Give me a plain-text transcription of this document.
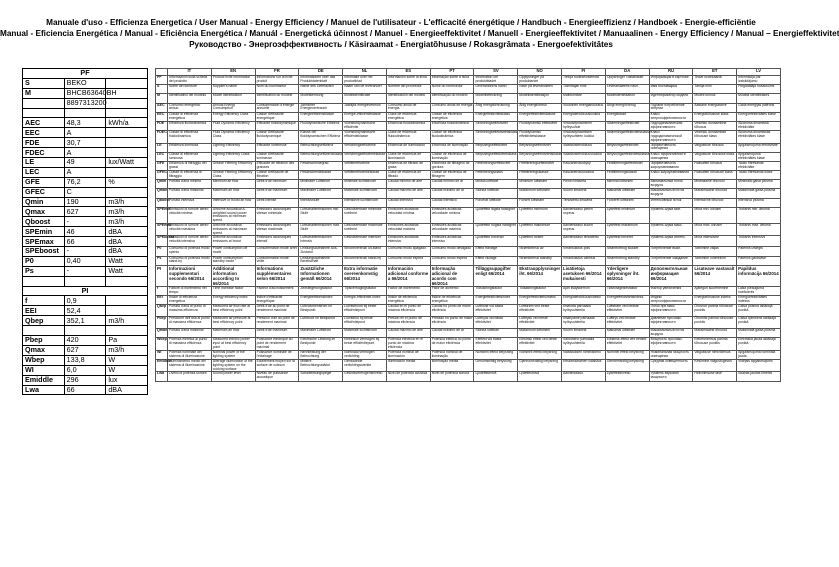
Manuale d'uso - Efficienza Energetica / User Manual - Energy Efficiency / Manuel de l'utilisateur - L'efficacité énergétique / Handbuch - Energieeffizienz / Handboek - Energie-efficiëntie
Manual - Eficiencia Energética / Manual - Eficiência Energética / Manuál - Energetická účinnost / Manuel - Energieeffektivitet / Manuell - Energieeffektivitet / Manuaalinen - Energy Efficiency / Manual – Energieffektivitet
Руководство - Энергоэффективность / Käsiraamat - Energiatõhususe / Rokasgrāmata - Energoefektivitātes
PF		
S	BEKO	
M	BHCB63640BH	
	8897313200	

AEC	48,3	kWh/a
EEC	A	
FDE	30,7	
FDEC	A	
LE	49	lux/Watt
LEC	A	
GFE	76,2	%
GFEC	C	
Qmin	190	m3/h
Qmax	627	m3/h
Qboost	-	m3/h
SPEmin	46	dBA
SPEmax	66	dBA
SPEboost	-	dBA
P0	0,40	Watt
Ps	-	Watt

PI		
f	0,9	
EEI	52,4	
Qbep	352,1	m3/h

Pbep	420	Pa
Qmax	627	m3/h
Wbep	133,8	W
WI	6,0	W
Emiddle	296	lux
Lwa	66	dBA
	IT	EN	FR	DE	NL	ES	PT	SV	NO	FI	DA	RU	ET	LV
PF	Informazioni sulla scheda del prodotto	Product fiche information	Informations sur la fiche produit	Informationen über das Produktdatenblatt	Informatie over het productblad	Información sobre la ficha	Informação sobre a ficha	Information om produktbladet	Opplysninger på produktarket	Tietoja tuoteselosteesta	Oplysninger i databladet	Информация в карточке	Teave tootekaardil	Informācija par izstrādājumu
S	Nome del fornitore	Supplier's name	Nom du fournisseur	Name des Lieferanten	Naam van de leverancier	Nombre del proveedor	Nome do fornecedor	Leverantörens namn	Navn på leverandøren	Toimittajan nimi	Leverandørens navn	Имя поставщика	Tarnija nimi	Piegādātāja nosaukums
M	Identificativo del modello	Model identification	Identification du modèle	Modellkennung	Modelidentificatie	Identificación del modelo	Identificação do modelo	Modellbeteckning	Modellidentifikasjon	Mallitunniste	Modelidentifikation	Идентификатор модели	Mudeli tunnus	Modeļa identifikators
AEC	Consumo energetico annuo	Annual Energy Consumption	Consommation d'énergie annuelle	Jährlicher Energieverbrauch	Jaarlijks energieverbruik	Consumo anual de energía	Consumo anual de energia	Årlig energiförbrukning	Årlig energiforbruk	Vuotuinen energiankulutus	Årligt energiforbrug	Годовое потребление энергии	Aastane energiatarve	Gada enerģijas patēriņš
EEC	Classe di efficienza energetica	Energy Efficiency Class	Classe d'efficacité énergétique	Energieeffizienzklasse	Energie-efficiëntieklasse	Clase de eficiencia energética	Classe de eficiência energética	Energieffektivitetsklass	Energieffektivitetsklasse	Energiatehokkuusluokka	Energiklasse	Класс энергоэффективности	Energiatõhususe klass	Energoefektivitātes klase
FDE	Efficienza fluidodinamica	Fluid Dynamic Efficiency	Efficacité fluidodynamique	Fluiddynamische Effizienz	Vloeistofdynamische efficiëntie	Eficiencia fluidodinámica	Eficiência fluidodinâmica	Strömningseffektivitet	Fluiddynamisk effektivitet	Virtausdynaaminen hyötysuhde	Strømningseffektivitet	Гидродинамическая эффективность	Vedeliku dünaamiline tõhusus	Šķidruma dinamiskā efektivitāte
FDEC	Classe di efficienza fluidodinamica	Fluid Dynamic Efficiency Class	Classe d'efficacité fluidodynamique	Klasse der fluiddynamischen Effizienz	Vloeistofdynamische efficiëntieklasse	Clase de eficiencia fluidodinámica	Classe de eficiência fluidodinâmica	Strömningseffektivitetsklass	Fluiddynamisk effektivitetsklasse	Virtausdynaamisen hyötysuhteen luokka	Strømningseffektivitetsklasse	Класс гидродинамической эффективности	Vedeliku dünaamilise tõhususe klass	Šķidruma dinamiskās efektivitātes klase
LE	Efficienza luminosa	Lighting Efficiency	Efficacité lumineuse	Beleuchtungseffizienz	Verlichtingsefficiëntie	Eficiencia de iluminación	Eficiência de iluminação	Belysningseffektivitet	Belysningseffektivitet	Valaistustehokkuus	Belysningseffektivitet	Эффективность освещения	Valgustuse tõhusus	Apgaismojuma efektivitāte
LEC	Classe di efficienza luminosa	Lighting Efficiency Class	Classe d'efficacité lumineuse	Beleuchtungseffizienzklasse	Verlichtingsefficiëntieklasse	Clase de eficiencia de iluminación	Classe de eficiência de iluminação	Belysningseffektivitetsklass	Belysningseffektivitetsklasse	Valaistustehokkuusluokka	Belysningseffektivitetsklasse	Класс эффективности освещения	Valgustuse tõhususe klass	Apgaismojuma efektivitātes klase
GFE	Efficienza di filtraggio dei grassi	Grease Filtering Efficiency	Efficacité de filtration des graisses	Fettabscheidegrad	Vetfilterefficiëntie	Eficiencia de filtrado de grasa	Eficiência de filtragem de gordura	Fettfiltreringseffektivitet	Fettfiltreringseffektivitet	Rasvanerotuskyky	Fedtfiltreringseffektivitet	Эффективность жироулавливания	Rasvafiltri tõhusus	Tauku filtrēšanas efektivitāte
GFEC	Classe di efficienza di filtraggio	Grease Filtering Efficiency Class	Classe d'efficacité de filtration	Fettabscheideklasse	Vetfilterefficiëntieklasse	Clase de eficiencia de filtrado	Classe de eficiência de filtragem	Fettfiltreringsklass	Fettfiltreringsklasse	Rasvanerotusluokka	Fedtfiltreringsklasse	Класс жироулавливания	Rasvafiltri tõhususe klass	Tauku filtrēšanas klase
Qmin	Portata d'aria minima	Minimum air flow	Débit d'air minimum	Minimaler Luftstrom	Minimale luchtstroom	Caudal mínimo de aire	Caudal mínimo de ar	Minsta luftflöde	Minimum luftstrøm	Pienin ilmavirta	Minimal luftstrøm	Минимальный поток воздуха	Minimaalne õhuvool	Minimālā gaisa plūsma
Qmax	Portata d'aria massima	Maximum air flow	Débit d'air maximum	Maximaler Luftstrom	Maximale luchtstroom	Caudal máximo de aire	Caudal máximo de ar	Största luftflöde	Maksimum luftstrøm	Suurin ilmavirta	Maksimal luftstrøm	Максимальный поток воздуха	Maksimaalne õhuvool	Maksimālā gaisa plūsma
Qboost	Portata intensiva	Intensive or boost air flow	Débit intensif	Intensivstufe	Intensieve luchtstroom	Caudal intensivo	Caudal intensivo	Forcerat luftflöde	Forsert luftstrøm	Tehostettu ilmavirta	Forceret luftstrøm	Интенсивный поток	Intensiivne õhuvool	Intensīvā plūsma
SPEmin	Emissioni di rumore aereo velocità minima	Airborne acoustical A-weighted sound power emissions at minimum speed	Émissions acoustiques vitesse minimale	Luftschallemissionen min. Stufe	Geluidsemissie minimale snelheid	Emisiones acústicas velocidad mínima	Emissões acústicas velocidade mínima	Ljudeffekt lägsta hastighet	Lydeffekt minimum	Äänitehotaso pienin nopeus	Lydeffekt minimum	Уровень шума мин.	Müra min. kiirusel	Troksnis min. ātrumā
SPEmax	Emissioni di rumore aereo velocità massima	Airborne acoustical emissions at maximum speed	Émissions acoustiques vitesse maximale	Luftschallemissionen max. Stufe	Geluidsemissie maximale snelheid	Emisiones acústicas velocidad máxima	Emissões acústicas velocidade máxima	Ljudeffekt högsta hastighet	Lydeffekt maksimum	Äänitehotaso suurin nopeus	Lydeffekt maksimum	Уровень шума макс.	Müra max. kiirusel	Troksnis max. ātrumā
SPEboost	Emissioni di rumore aereo velocità intensiva	Airborne acoustical emissions at boost	Émissions acoustiques intensif	Luftschallemissionen Intensiv	Geluidsemissie intensief	Emisiones acústicas intensivo	Emissões acústicas intensivo	Ljudeffekt forcerad	Lydeffekt forsert	Äänitehotaso tehostettu	Lydeffekt forceret	Уровень шума интенс.	Müra intensiivne	Troksnis intensīvs
P0	Consumo di potenza modo spento	Power consumption off mode	Consommation mode arrêt	Leistungsaufnahme Aus-Zustand	Stroomverbruik uit-stand	Consumo modo apagado	Consumo modo desligado	Effekt frånläge	Strømforbruk av	Virrankulutus pois	Strømforbrug slukket	Потребление выкл.	Tarbimine väljas	Patēriņš izslēgts
Ps	Consumo di potenza modo stand-by	Power consumption standby mode	Consommation mode veille	Leistungsaufnahme Bereitschaft	Stroomverbruik stand-by	Consumo modo espera	Consumo modo espera	Effekt viloläge	Strømforbruk standby	Virrankulutus valmius	Strømforbrug standby	Потребление ожидание	Tarbimine ooterežiim	Patēriņš gaidstāve
PI	Informazioni supplementari secondo 66/2014	Additional information according to 66/2014	Informations supplémentaires selon 66/2014	Zusätzliche Informationen gemäß 66/2014	Extra informatie overeenkomstig 66/2014	Información adicional conforme a 66/2014	Informação adicional de acordo com 66/2014	Tilläggsuppgifter enligt 66/2014	Ekstraopplysninger iht. 66/2014	Lisätietoja asetuksen 66/2014 mukaisesti	Yderligere oplysninger iht. 66/2014	Дополнительная информация 66/2014	Lisateave vastavalt 66/2014	Papildus informācija 66/2014
f	Fattore di incremento nel tempo	Time increase factor	Facteur d'accroissement	Zeitsteigerungsfaktor	Tijdsverhogingsfactor	Factor de incremento	Fator de aumento	Tidsökningsfaktor	Tidsøkningsfaktor	Ajan lisäyskerroin	Tidsforøgelsesfaktor	Фактор увеличения	Ajateguri suurenemine	Laika pieauguma koeficients
EEI	Indice di efficienza energetica	Energy efficiency index	Indice d'efficacité énergétique	Energieeffizienzindex	Energie-efficiëntie-index	Índice de eficiencia energética	Índice de eficiência energética	Energieffektivitetsindex	Energieffektivitetsindeks	Energiatehokkuusindeksi	Energieffektivitetsindeks	Индекс энергоэффективности	Energiatõhususe indeks	Energoefektivitātes indekss
Qbep	Portata d'aria al punto di massima efficienza	Measured air flow rate at best efficiency point	Débit d'air au point de rendement maximal	Luftvolumenstrom im Bestpunkt	Luchtstroom bij beste efficiëntiepunt	Caudal en el punto de máxima eficiencia	Caudal no ponto de maior eficiência	Luftflöde vid bästa effektivitet	Luftstrøm ved beste effektivitet	Ilmavirta parhaalla hyötysuhteella	Luftstrøm ved bedste effektivitet	Поток при макс. эффективности	Õhuvool parima tõhususe punktis	Gaisa plūsma labākajā punktā
Pbep	Pressione dell'aria al punto di massima efficienza	Measured air pressure at best efficiency point	Pression d'air au point de rendement maximal	Luftdruck im Bestpunkt	Luchtdruk bij beste efficiëntiepunt	Presión en el punto de máxima eficiencia	Pressão no ponto de maior eficiência	Lufttryck vid bästa effektivitet	Lufttrykk ved beste effektivitet	Ilmanpaine parhaalla hyötysuhteella	Lufttryk ved bedste effektivitet	Давление при макс. эффективности	Õhurõhk parima tõhususe punktis	Gaisa spiediens labākajā punktā
Qmax	Portata d'aria massima	Maximum air flow	Débit d'air maximum	Maximaler Luftstrom	Maximale luchtstroom	Caudal máximo de aire	Caudal máximo de ar	Största luftflöde	Maksimum luftstrøm	Suurin ilmavirta	Maksimal luftstrøm	Максимальный поток воздуха	Maksimaalne õhuvool	Maksimālā gaisa plūsma
Wbep	Potenza elettrica al punto di massima efficienza	Measured electric power input at best efficiency point	Puissance électrique au point de rendement maximal	Elektrische Leistung im Bestpunkt	Elektrisch vermogen bij beste efficiëntiepunt	Potencia eléctrica en el punto de máxima eficiencia	Potência elétrica no ponto de maior eficiência	Eleffekt vid bästa effektivitet	Elektrisk effekt ved beste effektivitet	Sähköteho parhaalla hyötysuhteella	Elektrisk effekt ved bedste effektivitet	Мощность при макс. эффективности	Elektrivõimsus parima tõhususe punktis	Elektriskā jauda labākajā punktā
WI	Potenza nominale del sistema di illuminazione	Nominal power of the lighting system	Puissance nominale de l'éclairage	Nennleistung der Beleuchtung	Nominaal vermogen verlichting	Potencia nominal de iluminación	Potência nominal de iluminação	Nominell effekt belysning	Nominell effekt belysning	Valaistuksen nimellisteho	Nominel effekt belysning	Номинальная мощность освещения	Valgustuse nimivõimsus	Apgaismojuma nominālā jauda
Emiddle	Illuminamento medio del sistema di illuminazione	Average illumination of the lighting system on the cooking surface	Éclairement moyen sur la surface de cuisson	Mittlere Beleuchtungsstärke	Gemiddelde verlichtingssterkte	Iluminación media	Iluminação média	Genomsnittlig belysning	Gjennomsnittlig belysning	Keskimääräinen valaistus	Gennemsnitlig belysning	Средняя освещенность	Keskmine valgustugevus	Vidējais apgaismojums
Lwa	Livello di potenza sonora	Sound power level	Niveau de puissance acoustique	Schallleistungspegel	Geluidsvermogensniveau	Nivel de potencia acústica	Nível de potência sonora	Ljudeffektnivå	Lydeffektnivå	Äänitehotaso	Lydeffektniveau	Уровень звуковой мощности	Helivõimsuse tase	Skaņas jaudas līmenis
